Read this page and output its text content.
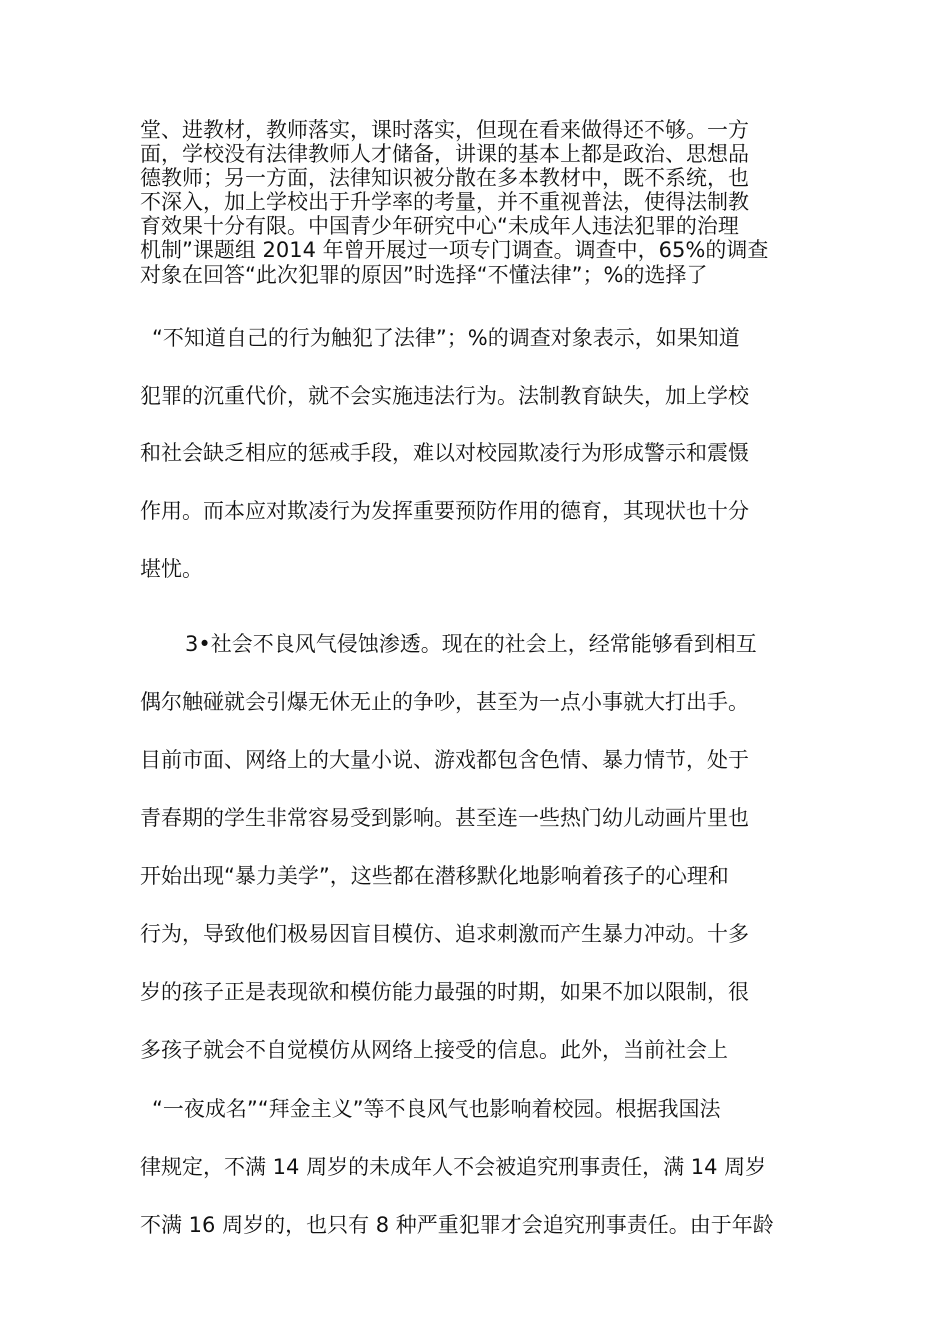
堂、进教材，教师落实，课时落实，但现在看来做得还不够。一方
面，学校没有法律教师人才储备，讲课的基本上都是政治、思想品
德教师；另一方面，法律知识被分散在多本教材中，既不系统，也
不深入，加上学校出于升学率的考量，并不重视普法，使得法制教
育效果十分有限。中国青少年研究中心“未成年人违法犯罪的治理
机制”课题组 2014 年曾开展过一项专门调查。调查中，65%的调查
对象在回答“此次犯罪的原因”时选择“不懂法律”；%的选择了
“不知道自己的行为触犯了法律”；%的调查对象表示，如果知道
犯罪的沉重代价，就不会实施违法行为。法制教育缺失，加上学校
和社会缺乏相应的惩戒手段，难以对校园欺凌行为形成警示和震慑
作用。而本应对欺凌行为发挥重要预防作用的德育，其现状也十分
堪忧。
3•社会不良风气侵蚀渗透。现在的社会上，经常能够看到相互
偶尔触碰就会引爆无休无止的争吵，甚至为一点小事就大打出手。
目前市面、网络上的大量小说、游戏都包含色情、暴力情节，处于
青春期的学生非常容易受到影响。甚至连一些热门幼儿动画片里也
开始出现“暴力美学”，这些都在潜移默化地影响着孩子的心理和
行为，导致他们极易因盲目模仿、追求刺激而产生暴力冲动。十多
岁的孩子正是表现欲和模仿能力最强的时期，如果不加以限制，很
多孩子就会不自觉模仿从网络上接受的信息。此外，当前社会上
“一夜成名”“拜金主义”等不良风气也影响着校园。根据我国法
律规定，不满 14 周岁的未成年人不会被追究刑事责任，满 14 周岁
不满 16 周岁的，也只有 8 种严重犯罪才会追究刑事责任。由于年龄
